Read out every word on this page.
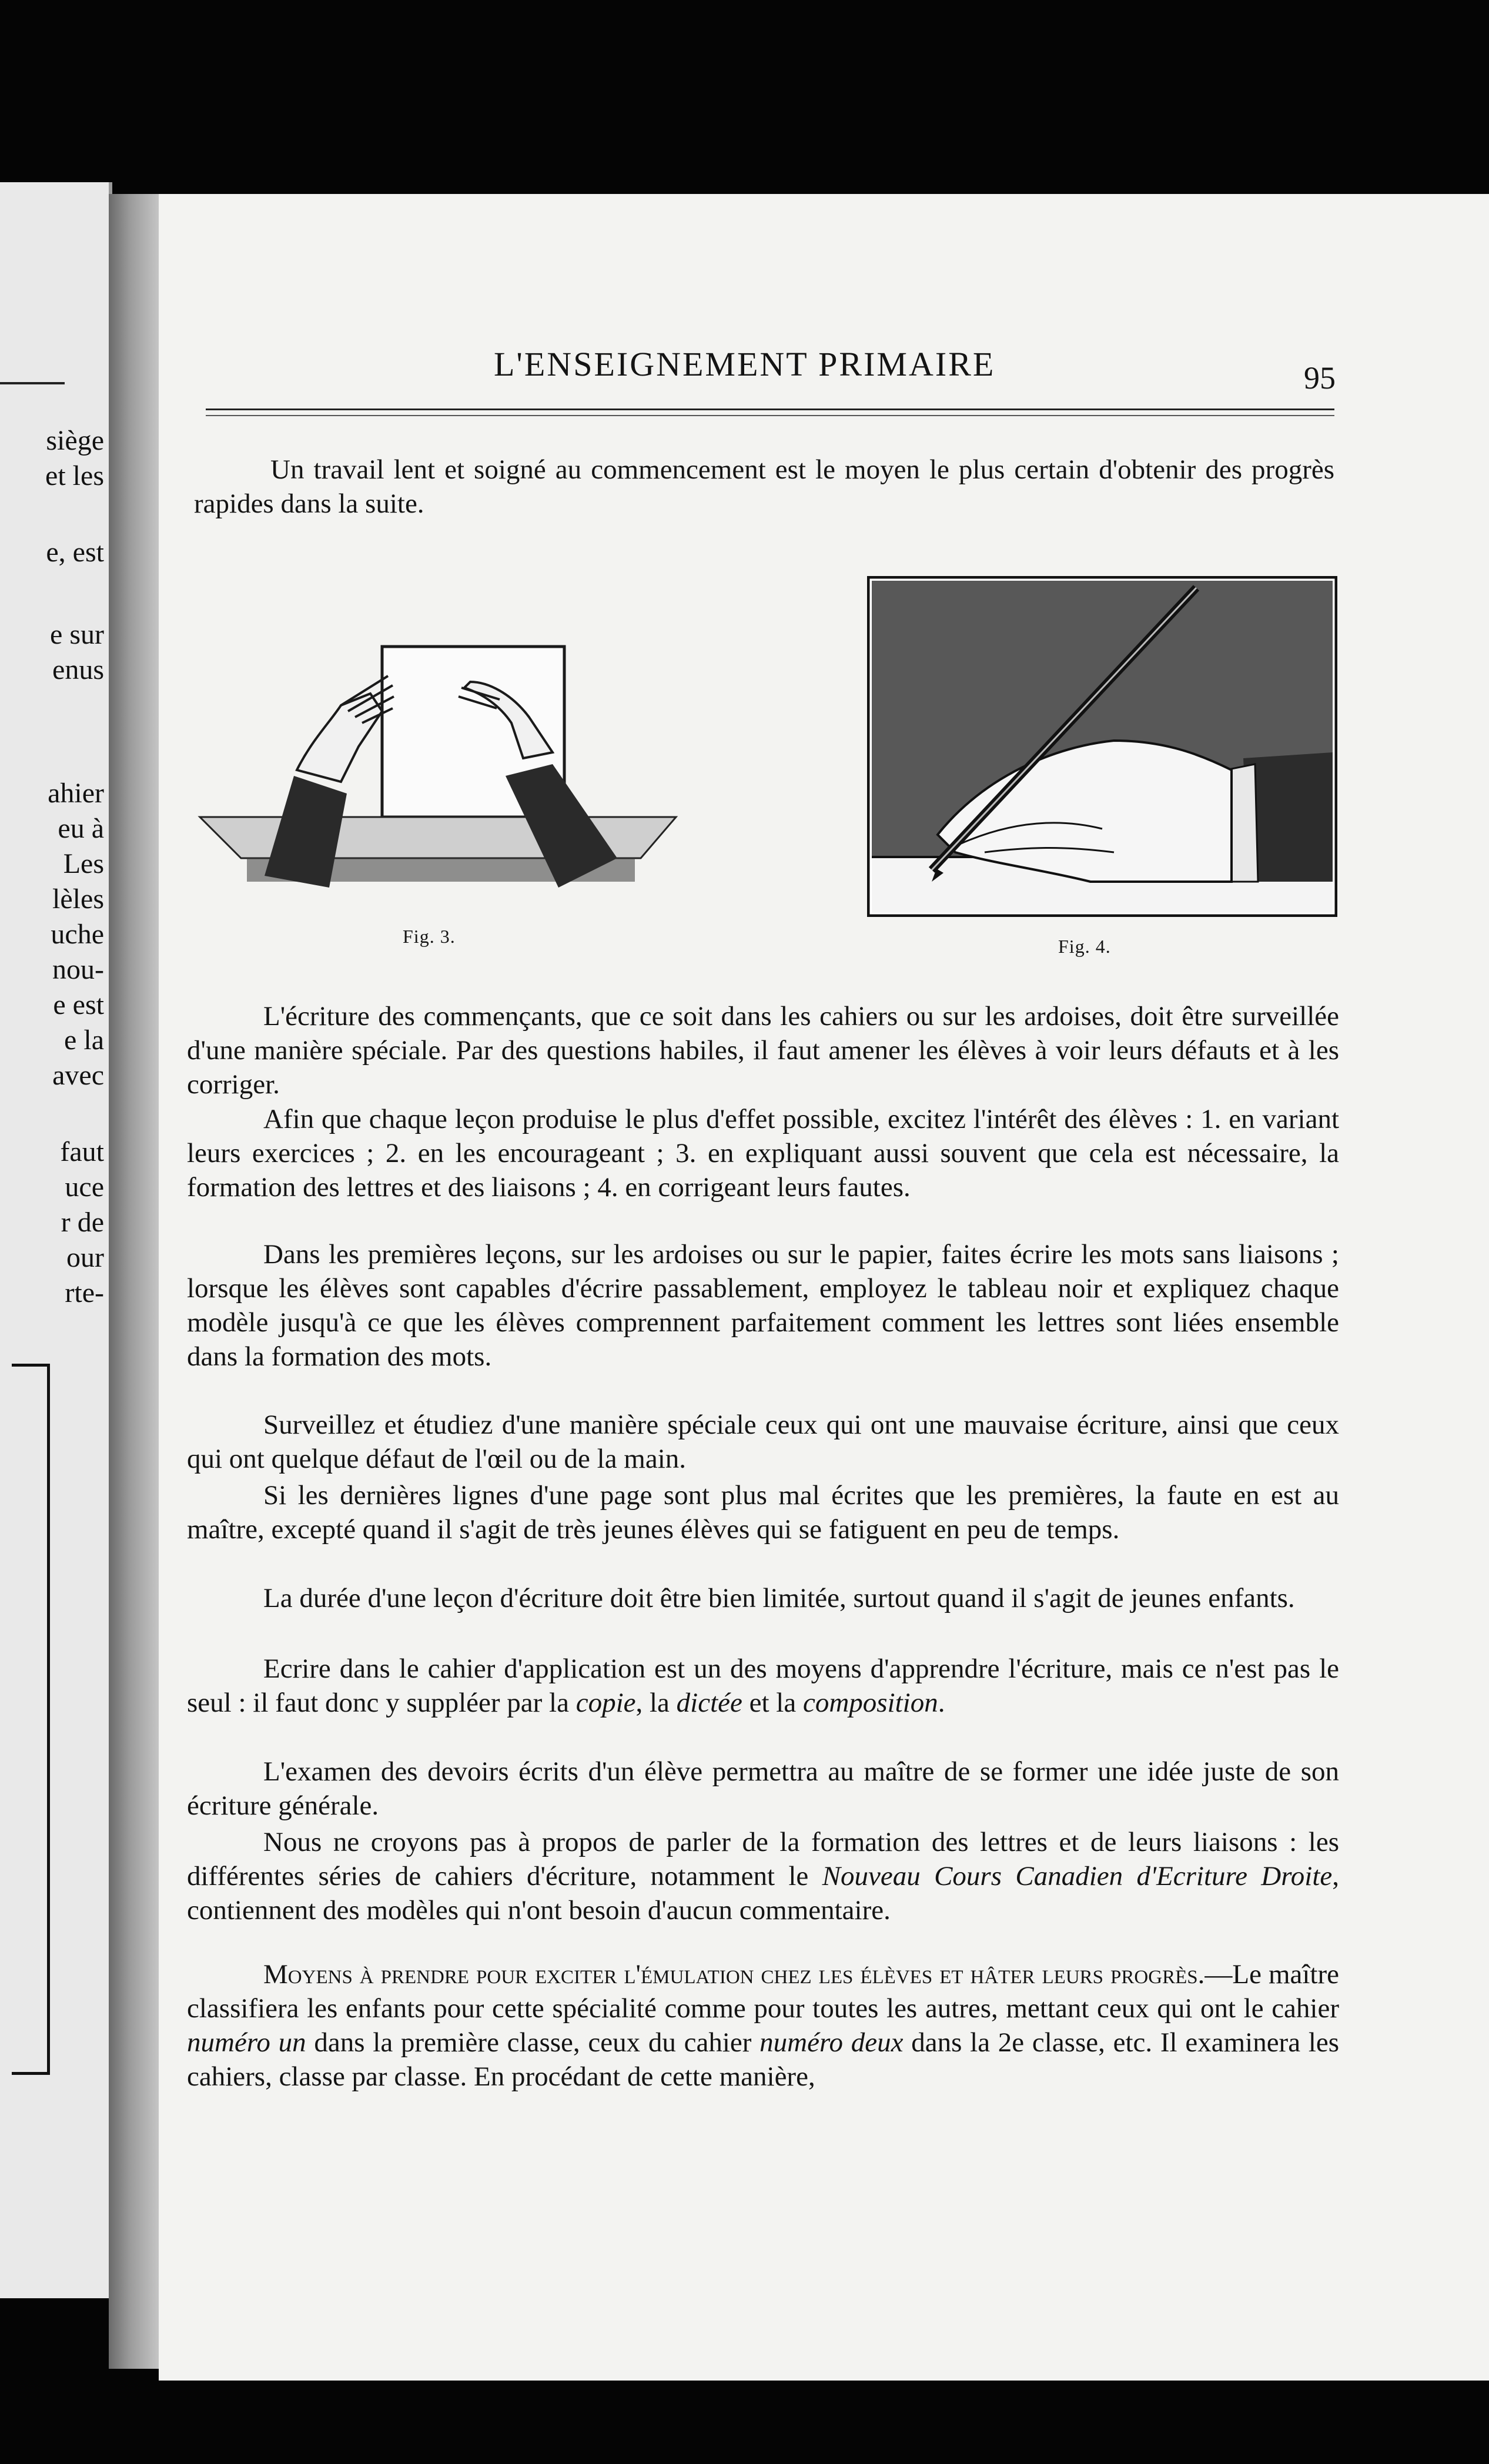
siège
et les
e, est
e sur
enus
ahier
eu à
Les
lèles
uche
nou-
e est
e la
avec
faut
uce
r de
our
rte-
L'ENSEIGNEMENT PRIMAIRE	95
Un travail lent et soigné au commencement est le moyen le plus certain d'obtenir des progrès rapides dans la suite.
Fig. 3.	Fig. 4.
L'écriture des commençants, que ce soit dans les cahiers ou sur les ardoises, doit être surveillée d'une manière spéciale. Par des questions habiles, il faut amener les élèves à voir leurs défauts et à les corriger.
Afin que chaque leçon produise le plus d'effet possible, excitez l'intérêt des élèves : 1. en variant leurs exercices ; 2. en les encourageant ; 3. en expliquant aussi souvent que cela est nécessaire, la formation des lettres et des liaisons ; 4. en corrigeant leurs fautes.
Dans les premières leçons, sur les ardoises ou sur le papier, faites écrire les mots sans liaisons ; lorsque les élèves sont capables d'écrire passablement, employez le tableau noir et expliquez chaque modèle jusqu'à ce que les élèves comprennent parfaitement comment les lettres sont liées ensemble dans la formation des mots.
Surveillez et étudiez d'une manière spéciale ceux qui ont une mauvaise écriture, ainsi que ceux qui ont quelque défaut de l'œil ou de la main.
Si les dernières lignes d'une page sont plus mal écrites que les premières, la faute en est au maître, excepté quand il s'agit de très jeunes élèves qui se fatiguent en peu de temps.
La durée d'une leçon d'écriture doit être bien limitée, surtout quand il s'agit de jeunes enfants.
Ecrire dans le cahier d'application est un des moyens d'apprendre l'écriture, mais ce n'est pas le seul : il faut donc y suppléer par la copie, la dictée et la composition.
L'examen des devoirs écrits d'un élève permettra au maître de se former une idée juste de son écriture générale.
Nous ne croyons pas à propos de parler de la formation des lettres et de leurs liaisons : les différentes séries de cahiers d'écriture, notamment le Nouveau Cours Canadien d'Ecriture Droite, contiennent des modèles qui n'ont besoin d'aucun commentaire.
Moyens à prendre pour exciter l'émulation chez les élèves et hâter leurs progrès.—Le maître classifiera les enfants pour cette spécialité comme pour toutes les autres, mettant ceux qui ont le cahier numéro un dans la première classe, ceux du cahier numéro deux dans la 2e classe, etc. Il examinera les cahiers, classe par classe. En procédant de cette manière,
